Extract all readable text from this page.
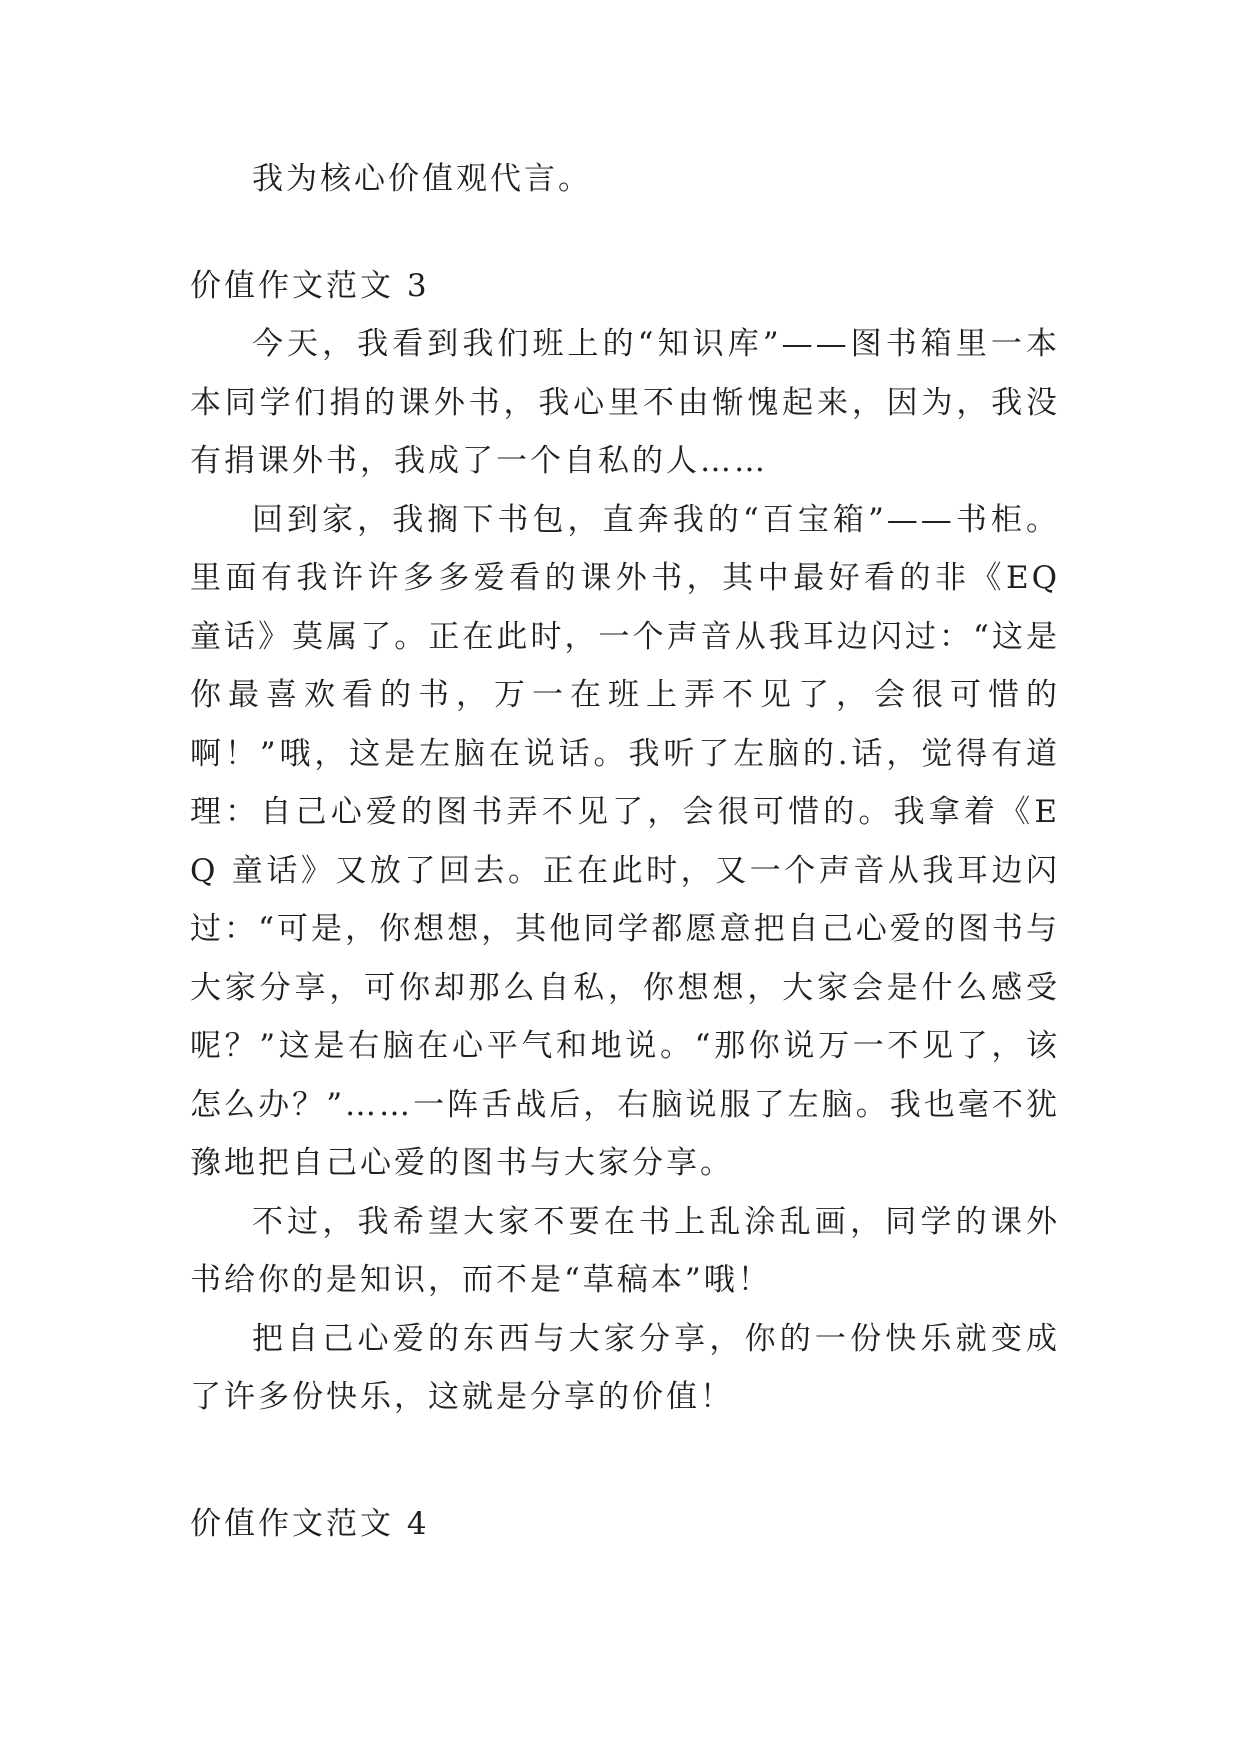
我为核心价值观代言。

价值作文范文 3

今天，我看到我们班上的“知识库”——图书箱里一本本同学们捐的课外书，我心里不由惭愧起来，因为，我没有捐课外书，我成了一个自私的人……

回到家，我搁下书包，直奔我的“百宝箱”——书柜。里面有我许许多多爱看的课外书，其中最好看的非《EQ 童话》莫属了。正在此时，一个声音从我耳边闪过：“这是你最喜欢看的书，万一在班上弄不见了，会很可惜的啊！”哦，这是左脑在说话。我听了左脑的.话，觉得有道理：自己心爱的图书弄不见了，会很可惜的。我拿着《EQ 童话》又放了回去。正在此时，又一个声音从我耳边闪过：“可是，你想想，其他同学都愿意把自己心爱的图书与大家分享，可你却那么自私，你想想，大家会是什么感受呢？”这是右脑在心平气和地说。“那你说万一不见了，该怎么办？”……一阵舌战后，右脑说服了左脑。我也毫不犹豫地把自己心爱的图书与大家分享。

不过，我希望大家不要在书上乱涂乱画，同学的课外书给你的是知识，而不是“草稿本”哦！

把自己心爱的东西与大家分享，你的一份快乐就变成了许多份快乐，这就是分享的价值！

价值作文范文 4
